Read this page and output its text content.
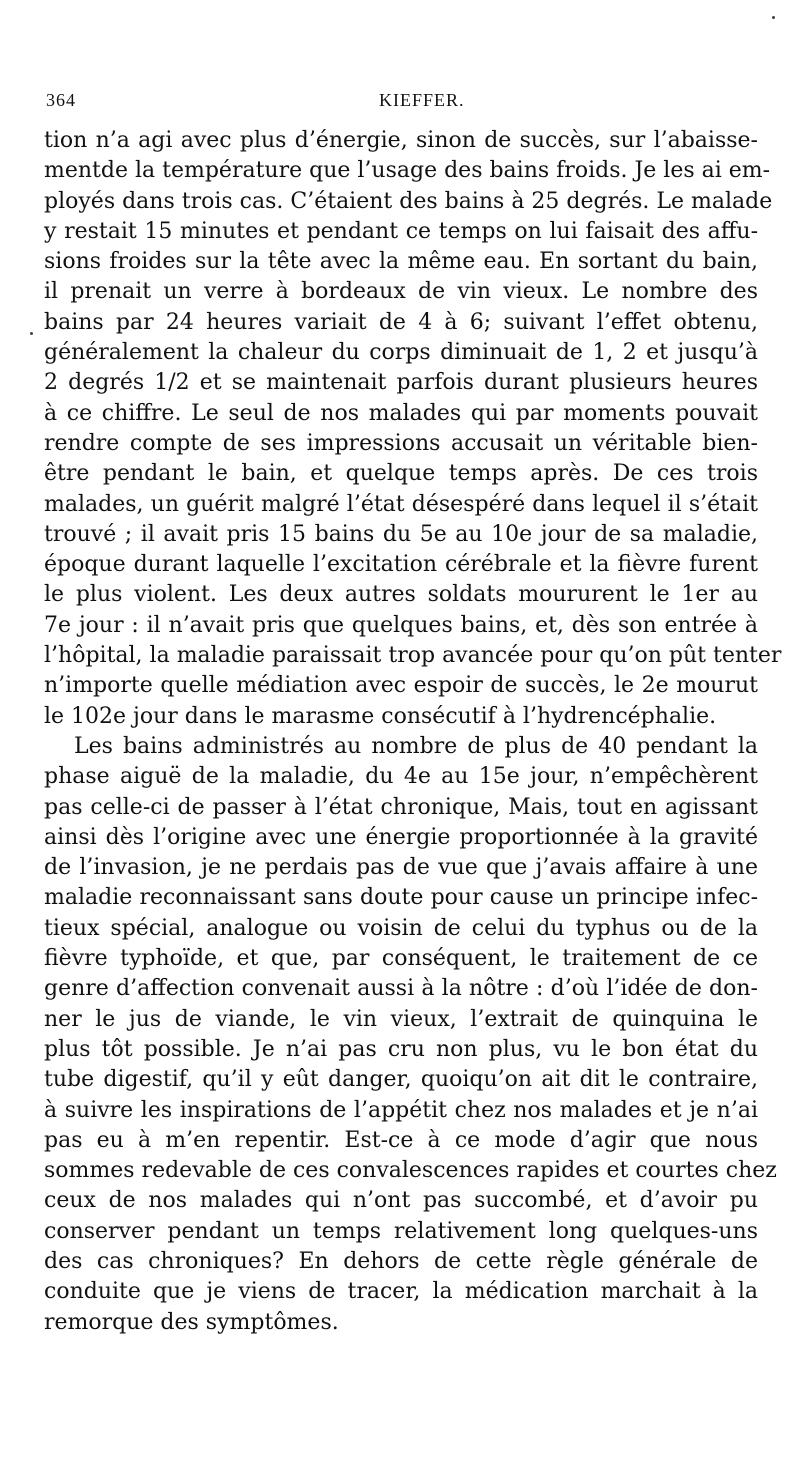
364	KIEFFER.
tion n’a agi avec plus d’énergie, sinon de succès, sur l’abaisse-
mentde la température que l’usage des bains froids. Je les ai em-
ployés dans trois cas. C’étaient des bains à 25 degrés. Le malade
y restait 15 minutes et pendant ce temps on lui faisait des affu-
sions froides sur la tête avec la même eau. En sortant du bain,
il prenait un verre à bordeaux de vin vieux. Le nombre des
bains par 24 heures variait de 4 à 6; suivant l’effet obtenu,
généralement la chaleur du corps diminuait de 1, 2 et jusqu’à
2 degrés 1/2 et se maintenait parfois durant plusieurs heures
à ce chiffre. Le seul de nos malades qui par moments pouvait
rendre compte de ses impressions accusait un véritable bien-
être pendant le bain, et quelque temps après. De ces trois
malades, un guérit malgré l’état désespéré dans lequel il s’était
trouvé ; il avait pris 15 bains du 5e au 10e jour de sa maladie,
époque durant laquelle l’excitation cérébrale et la fièvre furent
le plus violent. Les deux autres soldats moururent le 1er au
7e jour : il n’avait pris que quelques bains, et, dès son entrée à
l’hôpital, la maladie paraissait trop avancée pour qu’on pût tenter
n’importe quelle médiation avec espoir de succès, le 2e mourut
le 102e jour dans le marasme consécutif à l’hydrencéphalie.
Les bains administrés au nombre de plus de 40 pendant la
phase aiguë de la maladie, du 4e au 15e jour, n’empêchèrent
pas celle-ci de passer à l’état chronique, Mais, tout en agissant
ainsi dès l’origine avec une énergie proportionnée à la gravité
de l’invasion, je ne perdais pas de vue que j’avais affaire à une
maladie reconnaissant sans doute pour cause un principe infec-
tieux spécial, analogue ou voisin de celui du typhus ou de la
fièvre typhoïde, et que, par conséquent, le traitement de ce
genre d’affection convenait aussi à la nôtre : d’où l’idée de don-
ner le jus de viande, le vin vieux, l’extrait de quinquina le
plus tôt possible. Je n’ai pas cru non plus, vu le bon état du
tube digestif, qu’il y eût danger, quoiqu’on ait dit le contraire,
à suivre les inspirations de l’appétit chez nos malades et je n’ai
pas eu à m’en repentir. Est-ce à ce mode d’agir que nous
sommes redevable de ces convalescences rapides et courtes chez
ceux de nos malades qui n’ont pas succombé, et d’avoir pu
conserver pendant un temps relativement long quelques-uns
des cas chroniques? En dehors de cette règle générale de
conduite que je viens de tracer, la médication marchait à la
remorque des symptômes.
